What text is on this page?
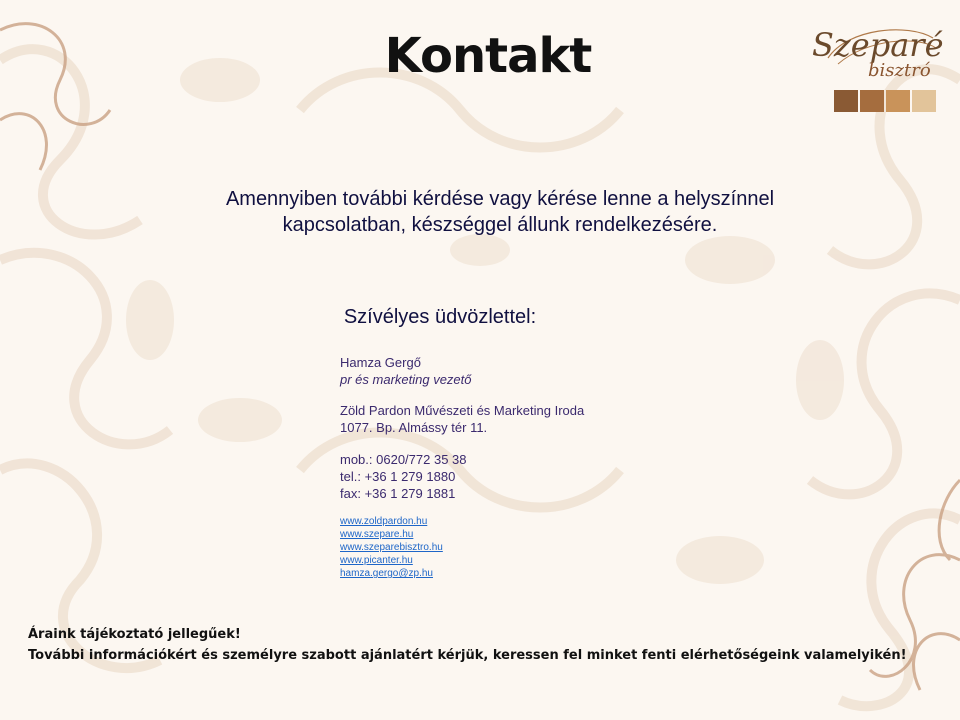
Kontakt	Szeparé
bisztró
Amennyiben további kérdése vagy kérése lenne a helyszínnel kapcsolatban, készséggel állunk rendelkezésére.
Szívélyes üdvözlettel:
Hamza Gergő
pr és marketing vezető
Zöld Pardon Művészeti és Marketing Iroda
1077. Bp. Almássy tér 11.
mob.: 0620/772 35 38
tel.: +36 1 279 1880
fax: +36 1 279 1881
www.zoldpardon.hu
www.szepare.hu
www.szeparebisztro.hu
www.picanter.hu
hamza.gergo@zp.hu
Áraink tájékoztató jellegűek!
További információkért és személyre szabott ajánlatért kérjük, keressen fel minket fenti elérhetőségeink valamelyikén!
